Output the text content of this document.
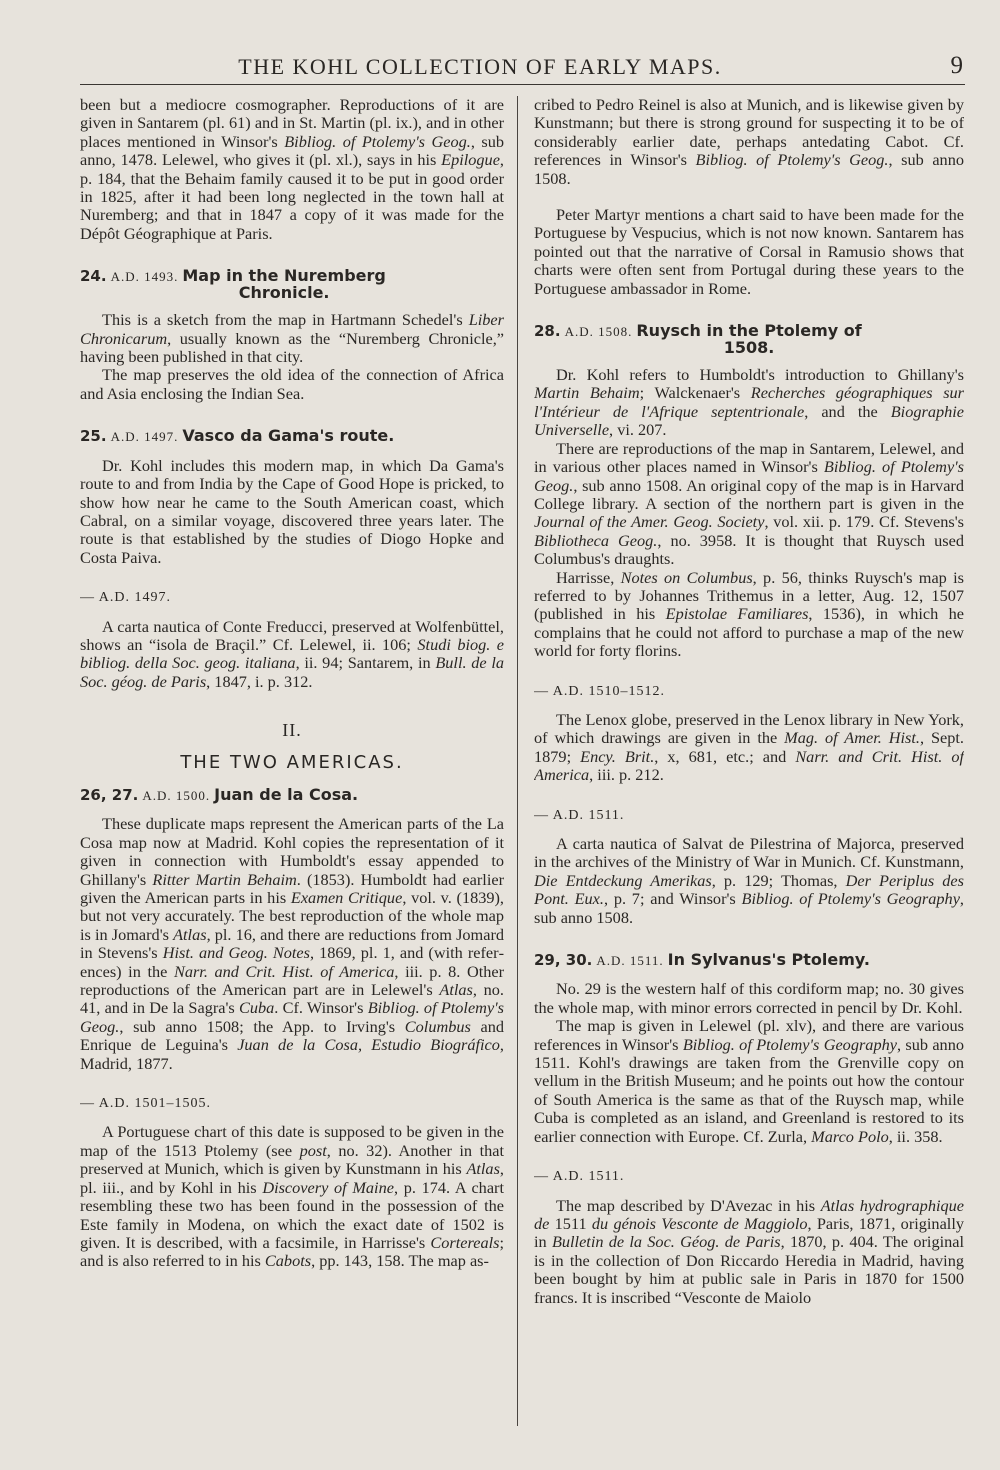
THE KOHL COLLECTION OF EARLY MAPS.	9

been but a mediocre cosmographer. Reproductions of it are given in Santarem (pl. 61) and in St. Martin (pl. ix.), and in other places mentioned in Winsor's Bibliog. of Ptolemy's Geog., sub anno, 1478. Lelewel, who gives it (pl. xl.), says in his Epilogue, p. 184, that the Behaim family caused it to be put in good order in 1825, after it had been long neglected in the town hall at Nuremberg; and that in 1847 a copy of it was made for the Dépôt Géographique at Paris.

24. A.D. 1493. Map in the Nuremberg
Chronicle.

This is a sketch from the map in Hartmann Schedel's Liber Chronicarum, usually known as the “Nuremberg Chronicle,” having been published in that city.

The map preserves the old idea of the connection of Africa and Asia enclosing the Indian Sea.

25. A.D. 1497. Vasco da Gama's route.

Dr. Kohl includes this modern map, in which Da Gama's route to and from India by the Cape of Good Hope is pricked, to show how near he came to the South American coast, which Cabral, on a similar voyage, discovered three years later. The route is that established by the studies of Diogo Hopke and Costa Paiva.

— A.D. 1497.

A carta nautica of Conte Freducci, preserved at Wolfenbüttel, shows an “isola de Braçil.” Cf. Lelewel, ii. 106; Studi biog. e bibliog. della Soc. geog. italiana, ii. 94; Santarem, in Bull. de la Soc. géog. de Paris, 1847, i. p. 312.

II.
THE TWO AMERICAS.
26, 27. A.D. 1500. Juan de la Cosa.

These duplicate maps represent the American parts of the La Cosa map now at Madrid. Kohl copies the representation of it given in connection with Humboldt's essay appended to Ghillany's Ritter Martin Behaim. (1853). Humboldt had earlier given the American parts in his Examen Critique, vol. v. (1839), but not very accurately. The best reproduction of the whole map is in Jomard's Atlas, pl. 16, and there are reductions from Jomard in Stevens's Hist. and Geog. Notes, 1869, pl. 1, and (with references) in the Narr. and Crit. Hist. of America, iii. p. 8. Other reproductions of the American part are in Lelewel's Atlas, no. 41, and in De la Sagra's Cuba. Cf. Winsor's Bibliog. of Ptolemy's Geog., sub anno 1508; the App. to Irving's Columbus and Enrique de Leguina's Juan de la Cosa, Estudio Biográfico, Madrid, 1877.

— A.D. 1501–1505.

A Portuguese chart of this date is supposed to be given in the map of the 1513 Ptolemy (see post, no. 32). Another in that preserved at Munich, which is given by Kunstmann in his Atlas, pl. iii., and by Kohl in his Discovery of Maine, p. 174. A chart resembling these two has been found in the possession of the Este family in Modena, on which the exact date of 1502 is given. It is described, with a facsimile, in Harrisse's Cortereals; and is also referred to in his Cabots, pp. 143, 158. The map as-

cribed to Pedro Reinel is also at Munich, and is likewise given by Kunstmann; but there is strong ground for suspecting it to be of considerably earlier date, perhaps antedating Cabot. Cf. references in Winsor's Bibliog. of Ptolemy's Geog., sub anno 1508.

Peter Martyr mentions a chart said to have been made for the Portuguese by Vespucius, which is not now known. Santarem has pointed out that the narrative of Corsal in Ramusio shows that charts were often sent from Portugal during these years to the Portuguese ambassador in Rome.

28. A.D. 1508. Ruysch in the Ptolemy of
1508.

Dr. Kohl refers to Humboldt's introduction to Ghillany's Martin Behaim; Walckenaer's Recherches géographiques sur l'Intérieur de l'Afrique septentrionale, and the Biographie Universelle, vi. 207.

There are reproductions of the map in Santarem, Lelewel, and in various other places named in Winsor's Bibliog. of Ptolemy's Geog., sub anno 1508. An original copy of the map is in Harvard College library. A section of the northern part is given in the Journal of the Amer. Geog. Society, vol. xii. p. 179. Cf. Stevens's Bibliotheca Geog., no. 3958. It is thought that Ruysch used Columbus's draughts.

Harrisse, Notes on Columbus, p. 56, thinks Ruysch's map is referred to by Johannes Trithemus in a letter, Aug. 12, 1507 (published in his Epistolae Familiares, 1536), in which he complains that he could not afford to purchase a map of the new world for forty florins.

— A.D. 1510–1512.

The Lenox globe, preserved in the Lenox library in New York, of which drawings are given in the Mag. of Amer. Hist., Sept. 1879; Ency. Brit., x, 681, etc.; and Narr. and Crit. Hist. of America, iii. p. 212.

— A.D. 1511.

A carta nautica of Salvat de Pilestrina of Majorca, preserved in the archives of the Ministry of War in Munich. Cf. Kunstmann, Die Entdeckung Amerikas, p. 129; Thomas, Der Periplus des Pont. Eux., p. 7; and Winsor's Bibliog. of Ptolemy's Geography, sub anno 1508.

29, 30. A.D. 1511. In Sylvanus's Ptolemy.

No. 29 is the western half of this cordiform map; no. 30 gives the whole map, with minor errors corrected in pencil by Dr. Kohl.

The map is given in Lelewel (pl. xlv), and there are various references in Winsor's Bibliog. of Ptolemy's Geography, sub anno 1511. Kohl's drawings are taken from the Grenville copy on vellum in the British Museum; and he points out how the contour of South America is the same as that of the Ruysch map, while Cuba is completed as an island, and Greenland is restored to its earlier connection with Europe. Cf. Zurla, Marco Polo, ii. 358.

— A.D. 1511.

The map described by D'Avezac in his Atlas hydrographique de 1511 du génois Vesconte de Maggiolo, Paris, 1871, originally in Bulletin de la Soc. Géog. de Paris, 1870, p. 404. The original is in the collection of Don Riccardo Heredia in Madrid, having been bought by him at public sale in Paris in 1870 for 1500 francs. It is inscribed “Vesconte de Maiolo
